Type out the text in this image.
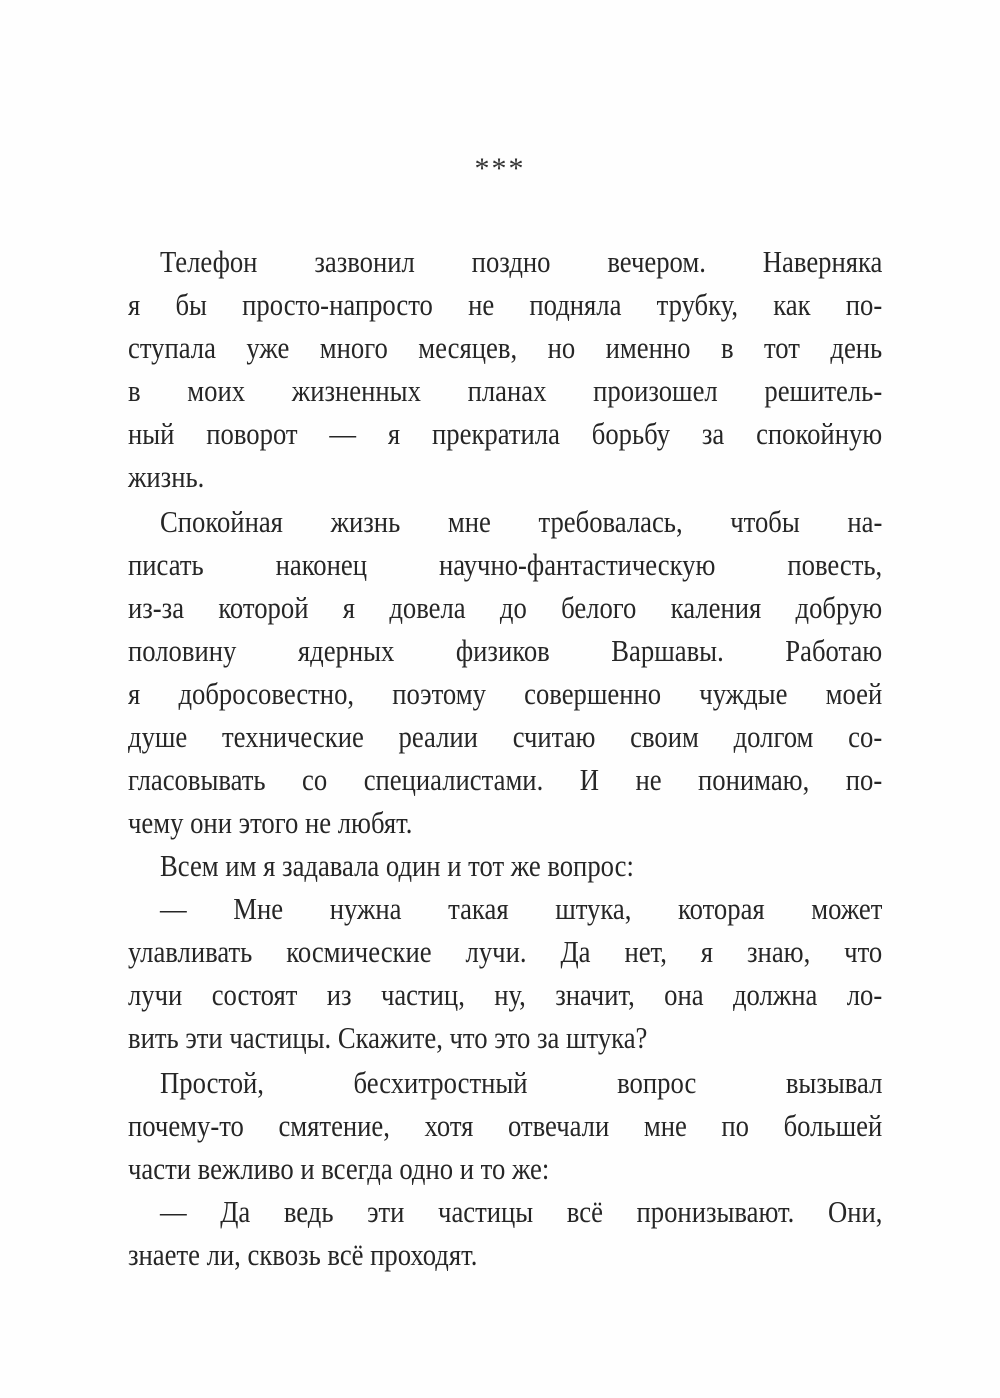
***
Телефон зазвонил поздно вечером. Наверняка
я бы просто-напросто не подняла трубку, как по-
ступала уже много месяцев, но именно в тот день
в моих жизненных планах произошел решитель-
ный поворот — я прекратила борьбу за спокойную
жизнь.
Спокойная жизнь мне требовалась, чтобы на-
писать наконец научно-фантастическую повесть,
из-за которой я довела до белого каления добрую
половину ядерных физиков Варшавы. Работаю
я добросовестно, поэтому совершенно чуждые моей
душе технические реалии считаю своим долгом со-
гласовывать со специалистами. И не понимаю, по-
чему они этого не любят.
Всем им я задавала один и тот же вопрос:
— Мне нужна такая штука, которая может
улавливать космические лучи. Да нет, я знаю, что
лучи состоят из частиц, ну, значит, она должна ло-
вить эти частицы. Скажите, что это за штука?
Простой, бесхитростный вопрос вызывал
почему-то смятение, хотя отвечали мне по большей
части вежливо и всегда одно и то же:
— Да ведь эти частицы всё пронизывают. Они,
знаете ли, сквозь всё проходят.
